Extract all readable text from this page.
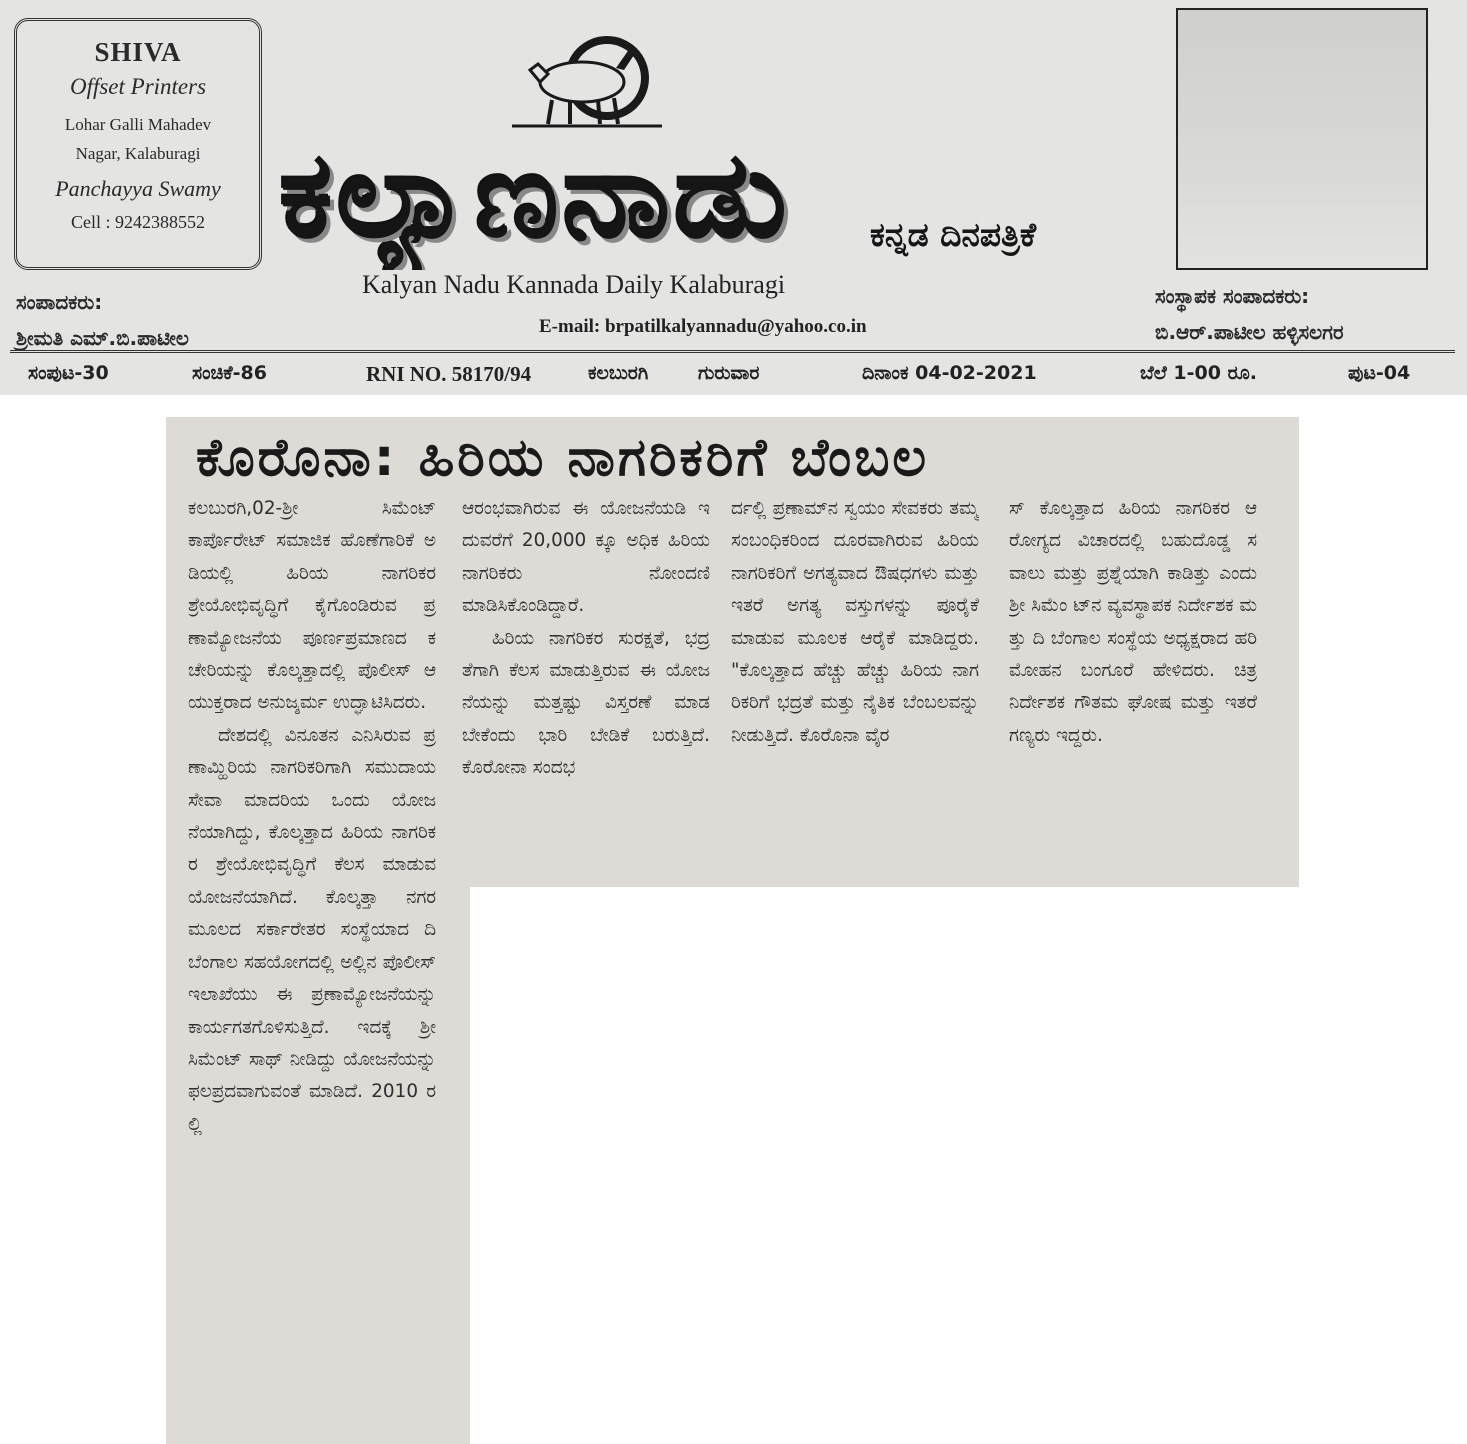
SHIVA
Offset Printers
Lohar Galli Mahadev
Nagar, Kalaburagi
Panchayya Swamy
Cell : 9242388552 ಕಲ್ಯಾಣನಾಡು	ಕನ್ನಡ ದಿನಪತ್ರಿಕೆ
Kalyan Nadu Kannada Daily Kalaburagi
E-mail: brpatilkalyannadu@yahoo.co.in
ಸಂಪಾದಕರು:
ಶ್ರೀಮತಿ ಎಮ್.ಬಿ.ಪಾಟೀಲ
ಸಂಸ್ಥಾಪಕ ಸಂಪಾದಕರು:
ಬಿ.ಆರ್.ಪಾಟೀಲ ಹಳ್ಳಿಸಲಗರ
ಸಂಪುಟ-30	ಸಂಚಿಕೆ-86	RNI NO. 58170/94	ಕಲಬುರಗಿ	ಗುರುವಾರ	ದಿನಾಂಕ 04-02-2021	ಬೆಲೆ 1-00 ರೂ.	ಪುಟ-04
ಕೊರೊನಾ: ಹಿರಿಯ ನಾಗರಿಕರಿಗೆ ಬೆಂಬಲ

ಕಲಬುರಗಿ,02-ಶ್ರೀ ಸಿಮೆಂಟ್ ಕಾರ್ಪೊರೇಟ್ ಸಮಾಜಿಕ ಹೊಣೆಗಾರಿಕೆ ಅಡಿಯಲ್ಲಿ ಹಿರಿಯ ನಾಗರಿಕರ ಶ್ರೇಯೋಭಿವೃದ್ಧಿಗೆ ಕೈಗೊಂಡಿರುವ ಪ್ರಣಾಮ್ಯೋಜನೆಯ ಪೂರ್ಣಪ್ರಮಾಣದ ಕಚೇರಿಯನ್ನು ಕೊಲ್ಕತ್ತಾದಲ್ಲಿ ಪೊಲೀಸ್ ಆಯುಕ್ತರಾದ ಅನುಜ್ಶರ್ಮ ಉದ್ಘಾಟಿಸಿದರು.

ದೇಶದಲ್ಲಿ ವಿನೂತನ ಎನಿಸಿರುವ ಪ್ರಣಾಮ್ಹಿರಿಯ ನಾಗರಿಕರಿಗಾಗಿ ಸಮುದಾಯ ಸೇವಾ ಮಾದರಿಯ ಒಂದು ಯೋಜನೆಯಾಗಿದ್ದು, ಕೊಲ್ಕತ್ತಾದ ಹಿರಿಯ ನಾಗರಿಕರ ಶ್ರೇಯೋಭಿವೃದ್ಧಿಗೆ ಕೆಲಸ ಮಾಡುವ ಯೋಜನೆಯಾಗಿದೆ. ಕೊಲ್ಕತ್ತಾ ನಗರ ಮೂಲದ ಸರ್ಕಾರೇತರ ಸಂಸ್ಥೆಯಾದ ದಿ ಬೆಂಗಾಲ ಸಹಯೋಗದಲ್ಲಿ ಅಲ್ಲಿನ ಪೊಲೀಸ್ ಇಲಾಖೆಯು ಈ ಪ್ರಣಾಮ್ಯೋಜನೆಯನ್ನು ಕಾರ್ಯಗತಗೊಳಿಸುತ್ತಿದೆ. ಇದಕ್ಕೆ ಶ್ರೀ ಸಿಮೆಂಟ್ ಸಾಥ್ ನೀಡಿದ್ದು ಯೋಜನೆಯನ್ನು ಫಲಪ್ರದವಾಗುವಂತೆ ಮಾಡಿದೆ. 2010 ರಲ್ಲಿ

ಆರಂಭವಾಗಿರುವ ಈ ಯೋಜನೆಯಡಿ ಇದುವರೆಗೆ 20,000 ಕ್ಕೂ ಅಧಿಕ ಹಿರಿಯ ನಾಗರಿಕರು ನೋಂದಣಿ ಮಾಡಿಸಿಕೊಂಡಿದ್ದಾರೆ.

ಹಿರಿಯ ನಾಗರಿಕರ ಸುರಕ್ಷತೆ, ಭದ್ರತೆಗಾಗಿ ಕೆಲಸ ಮಾಡುತ್ತಿರುವ ಈ ಯೋಜನೆಯನ್ನು ಮತ್ತಷ್ಟು ವಿಸ್ತರಣೆ ಮಾಡಬೇಕೆಂದು ಭಾರಿ ಬೇಡಿಕೆ ಬರುತ್ತಿದೆ. ಕೊರೋನಾ ಸಂದಭ

ರ್ದಲ್ಲಿ ಪ್ರಣಾಮ್‌ನ ಸ್ವಯಂ ಸೇವಕರು ತಮ್ಮ ಸಂಬಂಧಿಕರಿಂದ ದೂರವಾಗಿರುವ ಹಿರಿಯ ನಾಗರಿಕರಿಗೆ ಅಗತ್ಯವಾದ ಔಷಧಗಳು ಮತ್ತು ಇತರೆ ಅಗತ್ಯ ವಸ್ತುಗಳನ್ನು ಪೂರೈಕೆ ಮಾಡುವ ಮೂಲಕ ಆರೈಕೆ ಮಾಡಿದ್ದರು. "ಕೊಲ್ಕತ್ತಾದ ಹೆಚ್ಚು ಹೆಚ್ಚು ಹಿರಿಯ ನಾಗರಿಕರಿಗೆ ಭದ್ರತೆ ಮತ್ತು ನೈತಿಕ ಬೆಂಬಲವನ್ನು ನೀಡುತ್ತಿದೆ. ಕೊರೊನಾ ವೈರ

ಸ್ ಕೊಲ್ಕತ್ತಾದ ಹಿರಿಯ ನಾಗರಿಕರ ಆರೋಗ್ಯದ ವಿಚಾರದಲ್ಲಿ ಬಹುದೊಡ್ಡ ಸವಾಲು ಮತ್ತು ಪ್ರಶ್ನೆಯಾಗಿ ಕಾಡಿತ್ತು ಎಂದು ಶ್ರೀ ಸಿಮೆಂ ಟ್‌ನ ವ್ಯವಸ್ಥಾಪಕ ನಿರ್ದೇಶಕ ಮತ್ತು ದಿ ಬೆಂಗಾಲ ಸಂಸ್ಥೆಯ ಅಧ್ಯಕ್ಷರಾದ ಹರಿ ಮೋಹನ ಬಂಗೂರೆ ಹೇಳಿದರು. ಚಿತ್ರ ನಿರ್ದೇಶಕ ಗೌತಮ ಘೋಷ ಮತ್ತು ಇತರೆ ಗಣ್ಯರು ಇದ್ದರು.
